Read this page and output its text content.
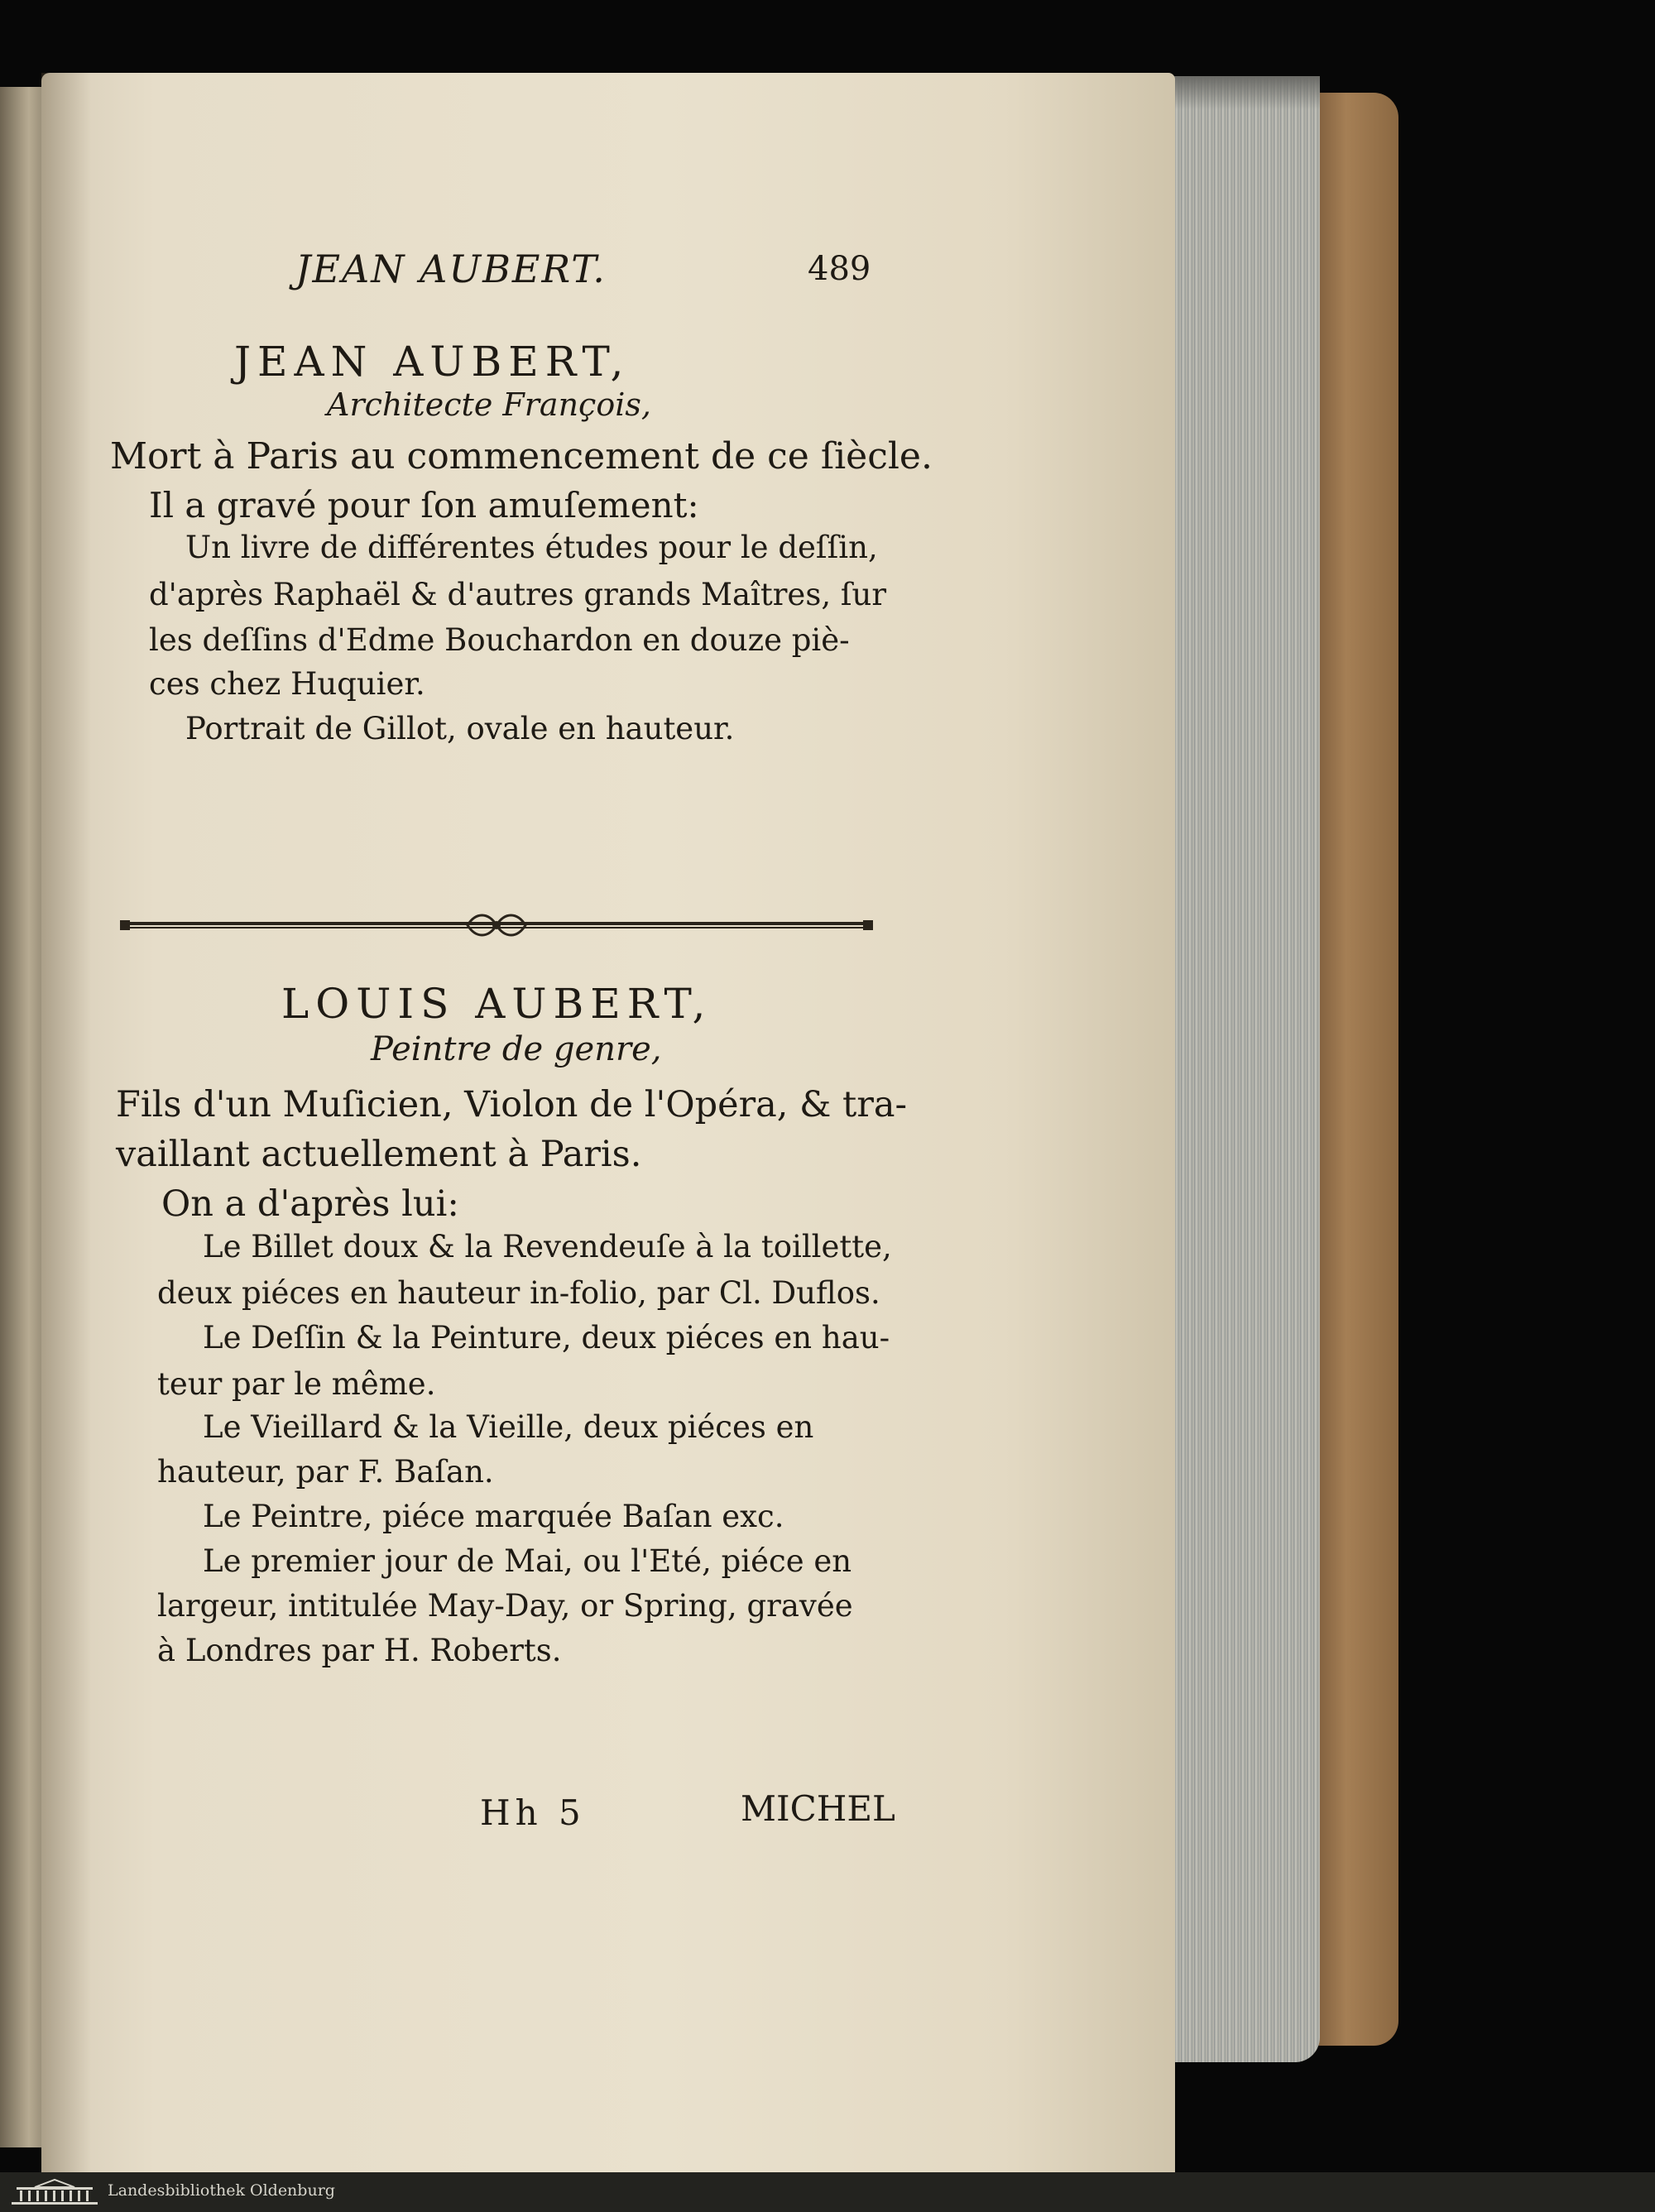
JEAN AUBERT.	489
JEAN AUBERT,
Architecte François,
Mort à Paris au commencement de ce ſiècle.
Il a gravé pour ſon amuſement:
Un livre de différentes études pour le deſſin,
d'après Raphaël & d'autres grands Maîtres, ſur
les deſſins d'Edme Bouchardon en douze piè-
ces chez Huquier.
Portrait de Gillot, ovale en hauteur.
LOUIS AUBERT,
Peintre de genre,
Fils d'un Muſicien, Violon de l'Opéra, & tra-
vaillant actuellement à Paris.
On a d'après lui:
Le Billet doux & la Revendeuſe à la toillette,
deux piéces en hauteur in-folio, par Cl. Duflos.
Le Deſſin & la Peinture, deux piéces en hau-
teur par le même.
Le Vieillard & la Vieille, deux piéces en
hauteur, par F. Baſan.
Le Peintre, piéce marquée Baſan exc.
Le premier jour de Mai, ou l'Eté, piéce en
largeur, intitulée May-Day, or Spring, gravée
à Londres par H. Roberts.
Hh 5	MICHEL
Landesbibliothek Oldenburg
